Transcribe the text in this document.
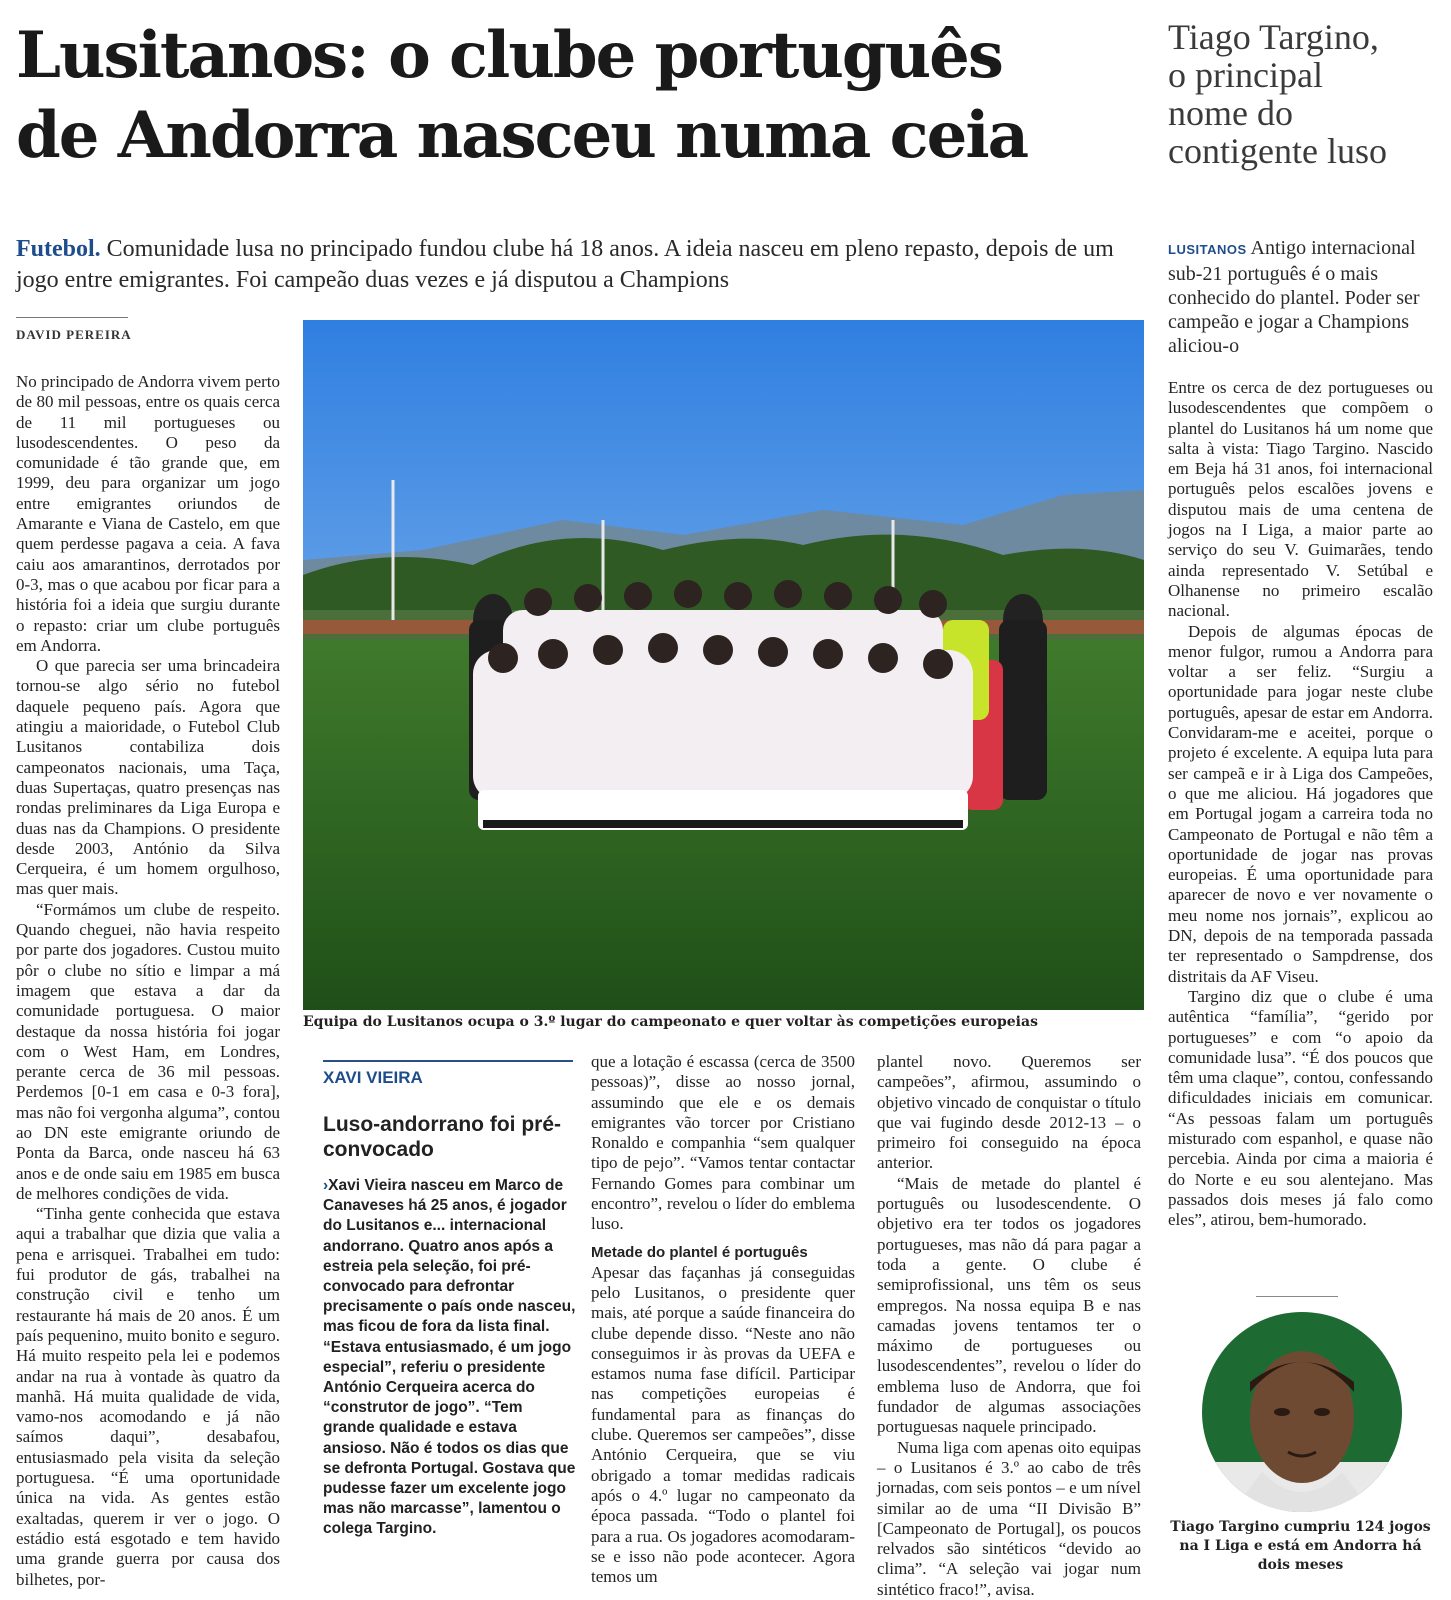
Lusitanos: o clube português
de Andorra nasceu numa ceia
Tiago Targino,
o principal
nome do
contigente luso
Futebol. Comunidade lusa no principado fundou clube há 18 anos. A ideia nasceu em pleno repasto, depois de um jogo entre emigrantes. Foi campeão duas vezes e já disputou a Champions
DAVID PEREIRA

No principado de Andorra vivem perto de 80 mil pessoas, entre os quais cerca de 11 mil portugueses ou lusodescendentes. O peso da comunidade é tão grande que, em 1999, deu para organizar um jogo entre emigrantes oriundos de Amarante e Viana de Castelo, em que quem perdesse pagava a ceia. A fava caiu aos amarantinos, derrotados por 0-3, mas o que acabou por ficar para a história foi a ideia que surgiu durante o repasto: criar um clube português em Andorra.

O que parecia ser uma brincadeira tornou-se algo sério no futebol daquele pequeno país. Agora que atingiu a maioridade, o Futebol Club Lusitanos contabiliza dois campeonatos nacionais, uma Taça, duas Supertaças, quatro presenças nas rondas preliminares da Liga Europa e duas nas da Champions. O presidente desde 2003, António da Silva Cerqueira, é um homem orgulhoso, mas quer mais.

“Formámos um clube de respeito. Quando cheguei, não havia respeito por parte dos jogadores. Custou muito pôr o clube no sítio e limpar a má imagem que estava a dar da comunidade portuguesa. O maior destaque da nossa história foi jogar com o West Ham, em Londres, perante cerca de 36 mil pessoas. Perdemos [0-1 em casa e 0-3 fora], mas não foi vergonha alguma”, contou ao DN este emigrante oriundo de Ponta da Barca, onde nasceu há 63 anos e de onde saiu em 1985 em busca de melhores condições de vida.

“Tinha gente conhecida que estava aqui a trabalhar que dizia que valia a pena e arrisquei. Trabalhei em tudo: fui produtor de gás, trabalhei na construção civil e tenho um restaurante há mais de 20 anos. É um país pequenino, muito bonito e seguro. Há muito respeito pela lei e podemos andar na rua à vontade às quatro da manhã. Há muita qualidade de vida, vamo-nos acomodando e já não saímos daqui”, desabafou, entusiasmado pela visita da seleção portuguesa. “É uma oportunidade única na vida. As gentes estão exaltadas, querem ir ver o jogo. O estádio está esgotado e tem havido uma grande guerra por causa dos bilhetes, por-

Equipa do Lusitanos ocupa o 3.º lugar do campeonato e quer voltar às competições europeias
XAVI VIEIRA
Luso-andorrano foi pré-convocado
›Xavi Vieira nasceu em Marco de Canaveses há 25 anos, é jogador do Lusitanos e... internacional andorrano. Quatro anos após a estreia pela seleção, foi pré-convocado para defrontar precisamente o país onde nasceu, mas ficou de fora da lista final. “Estava entusiasmado, é um jogo especial”, referiu o presidente António Cerqueira acerca do “construtor de jogo”. “Tem grande qualidade e estava ansioso. Não é todos os dias que se defronta Portugal. Gostava que pudesse fazer um excelente jogo mas não marcasse”, lamentou o colega Targino.

que a lotação é escassa (cerca de 3500 pessoas)”, disse ao nosso jornal, assumindo que ele e os demais emigrantes vão torcer por Cristiano Ronaldo e companhia “sem qualquer tipo de pejo”. “Vamos tentar contactar Fernando Gomes para combinar um encontro”, revelou o líder do emblema luso.

Metade do plantel é português

Apesar das façanhas já conseguidas pelo Lusitanos, o presidente quer mais, até porque a saúde financeira do clube depende disso. “Neste ano não conseguimos ir às provas da UEFA e estamos numa fase difícil. Participar nas competições europeias é fundamental para as finanças do clube. Queremos ser campeões”, disse António Cerqueira, que se viu obrigado a tomar medidas radicais após o 4.º lugar no campeonato da época passada. “Todo o plantel foi para a rua. Os jogadores acomodaram-se e isso não pode acontecer. Agora temos um

plantel novo. Queremos ser campeões”, afirmou, assumindo o objetivo vincado de conquistar o título que vai fugindo desde 2012-13 – o primeiro foi conseguido na época anterior.

“Mais de metade do plantel é português ou lusodescendente. O objetivo era ter todos os jogadores portugueses, mas não dá para pagar a toda a gente. O clube é semiprofissional, uns têm os seus empregos. Na nossa equipa B e nas camadas jovens tentamos ter o máximo de portugueses ou lusodescendentes”, revelou o líder do emblema luso de Andorra, que foi fundador de algumas associações portuguesas naquele principado.

Numa liga com apenas oito equipas – o Lusitanos é 3.º ao cabo de três jornadas, com seis pontos – e um nível similar ao de uma “II Divisão B” [Campeonato de Portugal], os poucos relvados são sintéticos “devido ao clima”. “A seleção vai jogar num sintético fraco!”, avisa.

LUSITANOS Antigo internacional sub-21 português é o mais conhecido do plantel. Poder ser campeão e jogar a Champions aliciou-o

Entre os cerca de dez portugueses ou lusodescendentes que compõem o plantel do Lusitanos há um nome que salta à vista: Tiago Targino. Nascido em Beja há 31 anos, foi internacional português pelos escalões jovens e disputou mais de uma centena de jogos na I Liga, a maior parte ao serviço do seu V. Guimarães, tendo ainda representado V. Setúbal e Olhanense no primeiro escalão nacional.

Depois de algumas épocas de menor fulgor, rumou a Andorra para voltar a ser feliz. “Surgiu a oportunidade para jogar neste clube português, apesar de estar em Andorra. Convidaram-me e aceitei, porque o projeto é excelente. A equipa luta para ser campeã e ir à Liga dos Campeões, o que me aliciou. Há jogadores que em Portugal jogam a carreira toda no Campeonato de Portugal e não têm a oportunidade de jogar nas provas europeias. É uma oportunidade para aparecer de novo e ver novamente o meu nome nos jornais”, explicou ao DN, depois de na temporada passada ter representado o Sampdrense, dos distritais da AF Viseu.

Targino diz que o clube é uma autêntica “família”, “gerido por portugueses” e com “o apoio da comunidade lusa”. “É dos poucos que têm uma claque”, contou, confessando dificuldades iniciais em comunicar. “As pessoas falam um português misturado com espanhol, e quase não percebia. Ainda por cima a maioria é do Norte e eu sou alentejano. Mas passados dois meses já falo como eles”, atirou, bem-humorado.

Tiago Targino cumpriu 124 jogos na I Liga e está em Andorra há dois meses
